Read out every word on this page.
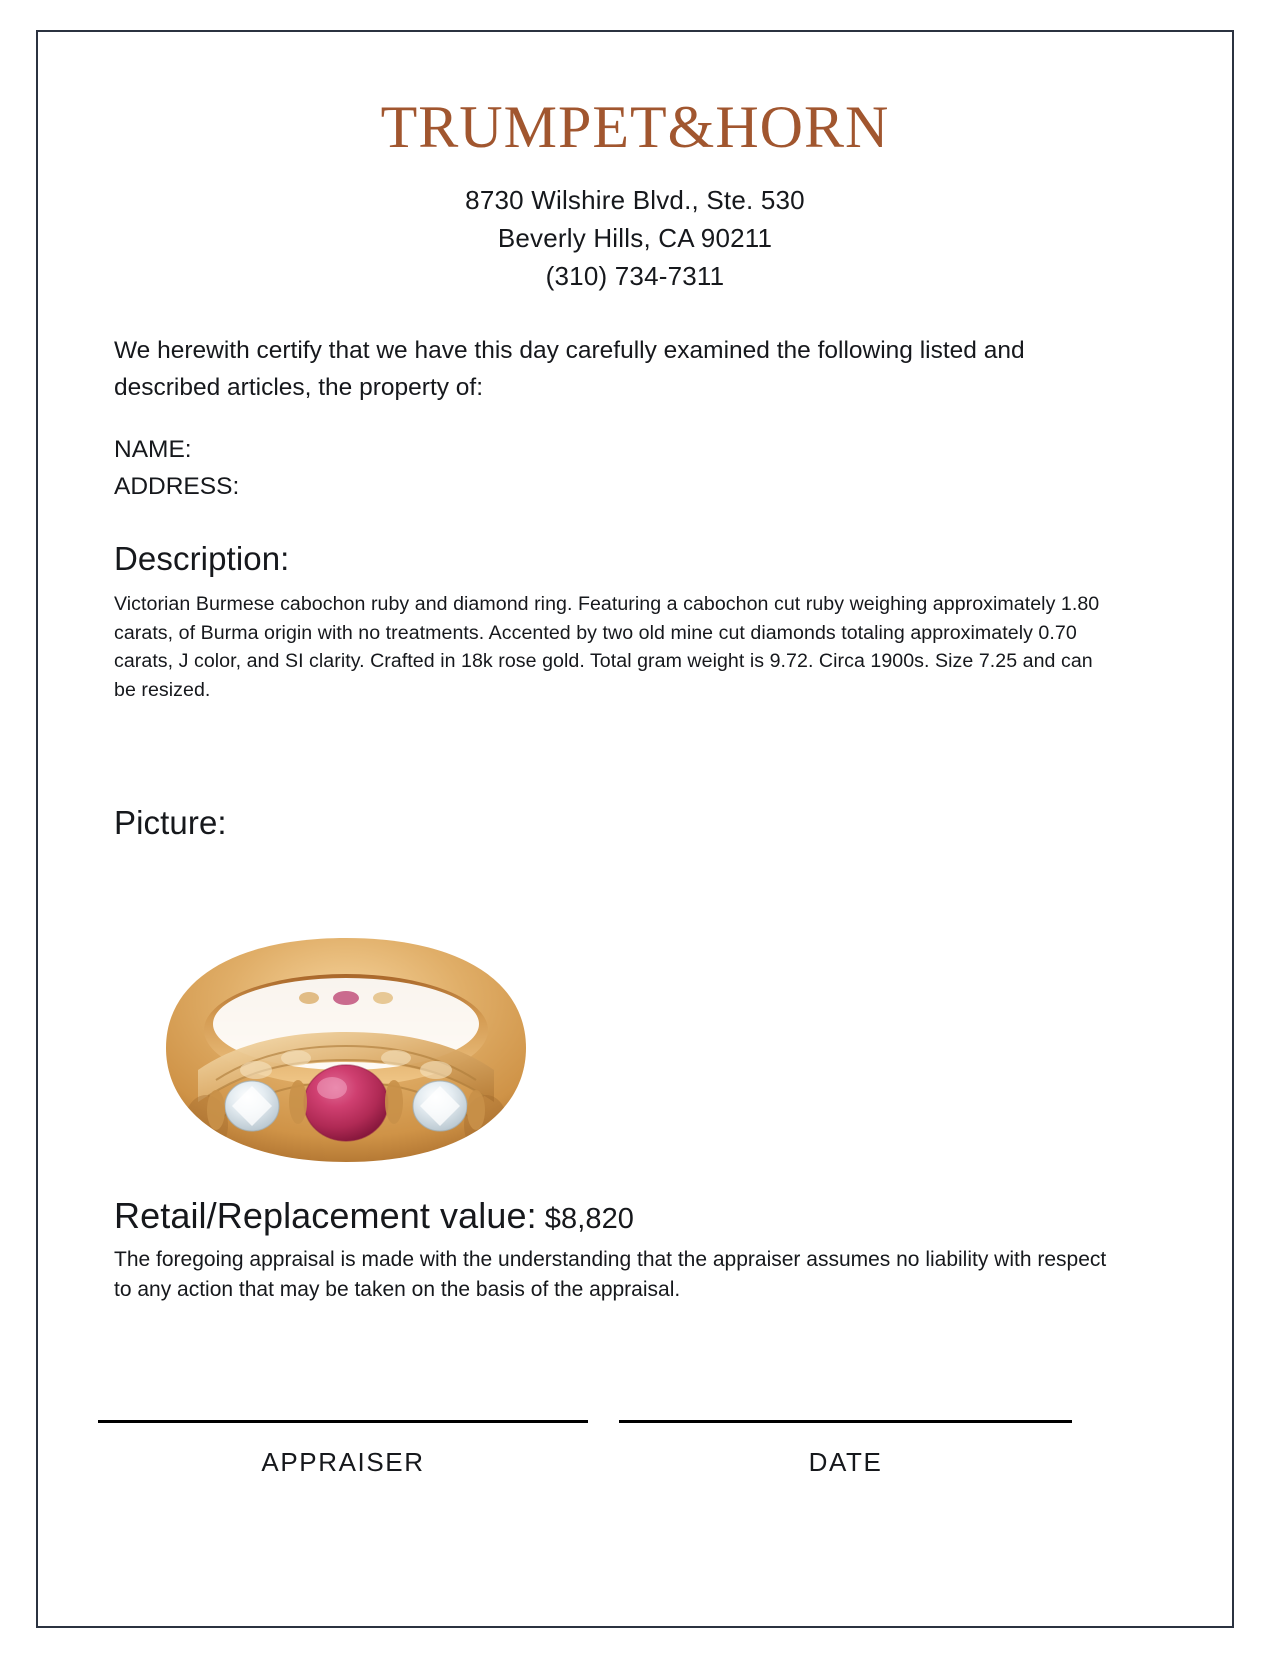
TRUMPET&HORN
8730 Wilshire Blvd., Ste. 530
Beverly Hills, CA 90211
(310) 734-7311
We herewith certify that we have this day carefully examined the following listed and described articles, the property of:
NAME:
ADDRESS:
Description:
Victorian Burmese cabochon ruby and diamond ring. Featuring a cabochon cut ruby weighing approximately 1.80 carats, of Burma origin with no treatments. Accented by two old mine cut diamonds totaling approximately 0.70 carats, J color, and SI clarity. Crafted in 18k rose gold. Total gram weight is 9.72. Circa 1900s. Size 7.25 and can be resized.
Picture:
Retail/Replacement value: $8,820
The foregoing appraisal is made with the understanding that the appraiser assumes no liability with respect to any action that may be taken on the basis of the appraisal.
APPRAISER	DATE
